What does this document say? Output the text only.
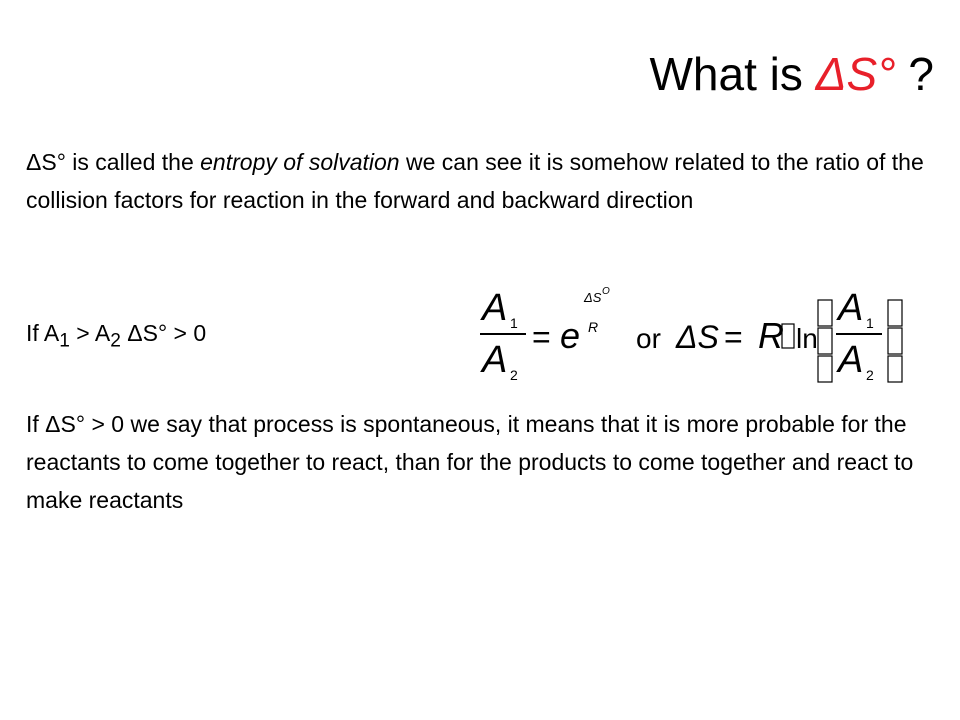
What is ΔS° ?
ΔS° is called the entropy of solvation we can see it is somehow related to the ratio of the collision factors for reaction in the forward and backward direction
If $A_1 > A_2$ ΔS° > 0
If ΔS° > 0 we say that process is spontaneous, it means that it is more probable for the reactants to come together to react, than for the products to come together and react to make reactants
A 1
A 2
= e
ΔS O
R or ΔS = R ln
A 1
A 2
